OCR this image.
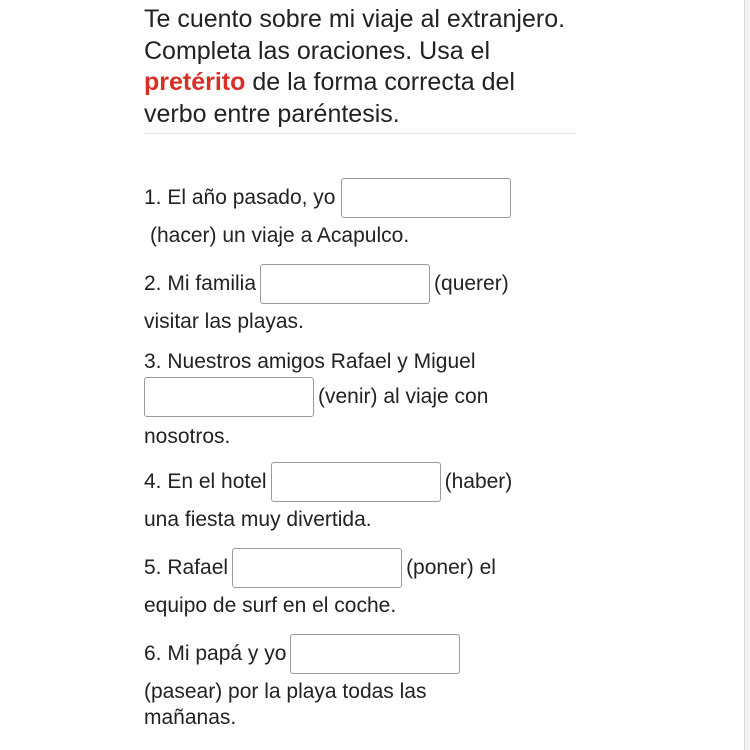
Te cuento sobre mi viaje al extranjero. Completa las oraciones. Usa el pretérito de la forma correcta del verbo entre paréntesis.

1. El año pasado, yo
(hacer) un viaje a Acapulco.
2. Mi familia	(querer)
visitar las playas.
3. Nuestros amigos Rafael y Miguel
(venir) al viaje con
nosotros.
4. En el hotel	(haber)
una fiesta muy divertida.
5. Rafael	(poner) el
equipo de surf en el coche.
6. Mi papá y yo
(pasear) por la playa todas las mañanas.
